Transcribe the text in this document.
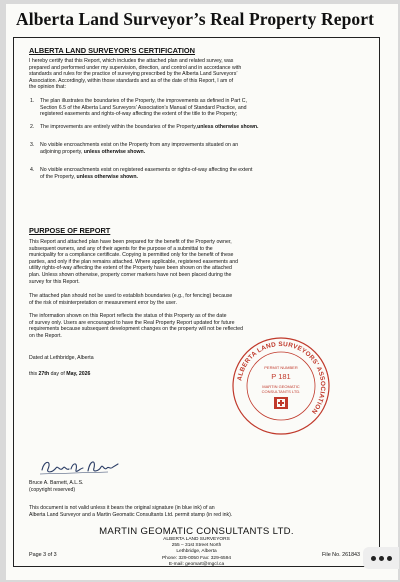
Alberta Land Surveyor’s Real Property Report
ALBERTA LAND SURVEYOR’S CERTIFICATION
I hereby certify that this Report, which includes the attached plan and related survey, was
prepared and performed under my supervision, direction, and control and in accordance with
standards and rules for the practice of surveying prescribed by the Alberta Land Surveyors’
Association. Accordingly, within those standards and as of the date of this Report, I am of
the opinion that:
1. The plan illustrates the boundaries of the Property, the improvements as defined in Part C,
Section 6.5 of the Alberta Land Surveyors’ Association’s Manual of Standard Practice, and
registered easements and rights-of-way affecting the extent of the title to the Property;
2. The improvements are entirely within the boundaries of the Property,unless otherwise shown.
3. No visible encroachments exist on the Property from any improvements situated on an
adjoining property, unless otherwise shown.
4. No visible encroachments exist on registered easements or rights-of-way affecting the extent
of the Property, unless otherwise shown.
PURPOSE OF REPORT
This Report and attached plan have been prepared for the benefit of the Property owner,
subsequent owners, and any of their agents for the purpose of a submittal to the
municipality for a compliance certificate. Copying is permitted only for the benefit of these
parties, and only if the plan remains attached. Where applicable, registered easements and
utility rights-of-way affecting the extent of the Property have been shown on the attached
plan. Unless shown otherwise, property corner markers have not been placed during the
survey for this Report.
The attached plan should not be used to establish boundaries (e.g., for fencing) because
of the risk of misinterpretation or measurement error by the user.
The information shown on this Report reflects the status of this Property as of the date
of survey only. Users are encouraged to have the Real Property Report updated for future
requirements because subsequent development changes on the property will not be reflected
on the Report.
Dated at Lethbridge, Alberta
this 27th day of May, 2026
ALBERTA LAND SURVEYORS’ ASSOCIATION
PERMIT NUMBER
P 181
MARTIN GEOMATIC
CONSULTANTS LTD.
Bruce A. Barnett, A.L.S.
(copyright reserved)
This document is not valid unless it bears the original signature (in blue ink) of an
Alberta Land Surveyor and a Martin Geomatic Consultants Ltd. permit stamp (in red ink).
MARTIN GEOMATIC CONSULTANTS LTD.
ALBERTA LAND SURVEYORS
255 – 31st Street North
Lethbridge, Alberta
Phone: 329-0050 Fax: 329-6594
E-mail: geomart@mgcl.ca
Page 3 of 3	File No. 261843
